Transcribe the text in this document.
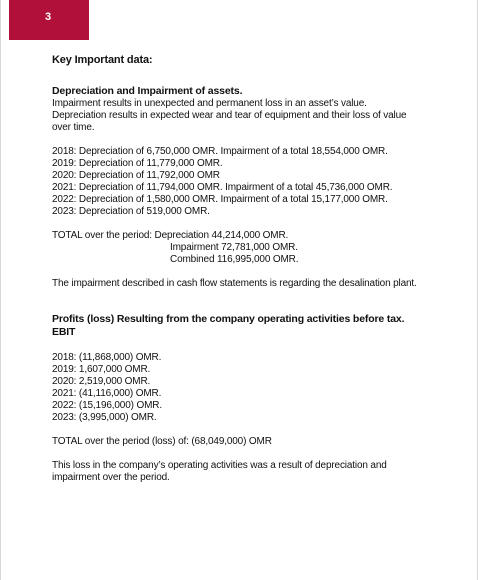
3
Key Important data:
Depreciation and Impairment of assets.
Impairment results in unexpected and permanent loss in an asset’s value.
Depreciation results in expected wear and tear of equipment and their loss of value over time.
2018: Depreciation of 6,750,000 OMR. Impairment of a total 18,554,000 OMR.
2019: Depreciation of 11,779,000 OMR.
2020: Depreciation of 11,792,000 OMR
2021: Depreciation of 11,794,000 OMR. Impairment of a total 45,736,000 OMR.
2022: Depreciation of 1,580,000 OMR. Impairment of a total 15,177,000 OMR.
2023: Depreciation of 519,000 OMR.
TOTAL over the period: Depreciation 44,214,000 OMR.
Impairment 72,781,000 OMR.
Combined 116,995,000 OMR.
The impairment described in cash flow statements is regarding the desalination plant.
Profits (loss) Resulting from the company operating activities before tax.
EBIT
2018: (11,868,000) OMR.
2019: 1,607,000 OMR.
2020: 2,519,000 OMR.
2021: (41,116,000) OMR.
2022: (15,196,000) OMR.
2023: (3,995,000) OMR.
TOTAL over the period (loss) of: (68,049,000) OMR
This loss in the company’s operating activities was a result of depreciation and impairment over the period.
